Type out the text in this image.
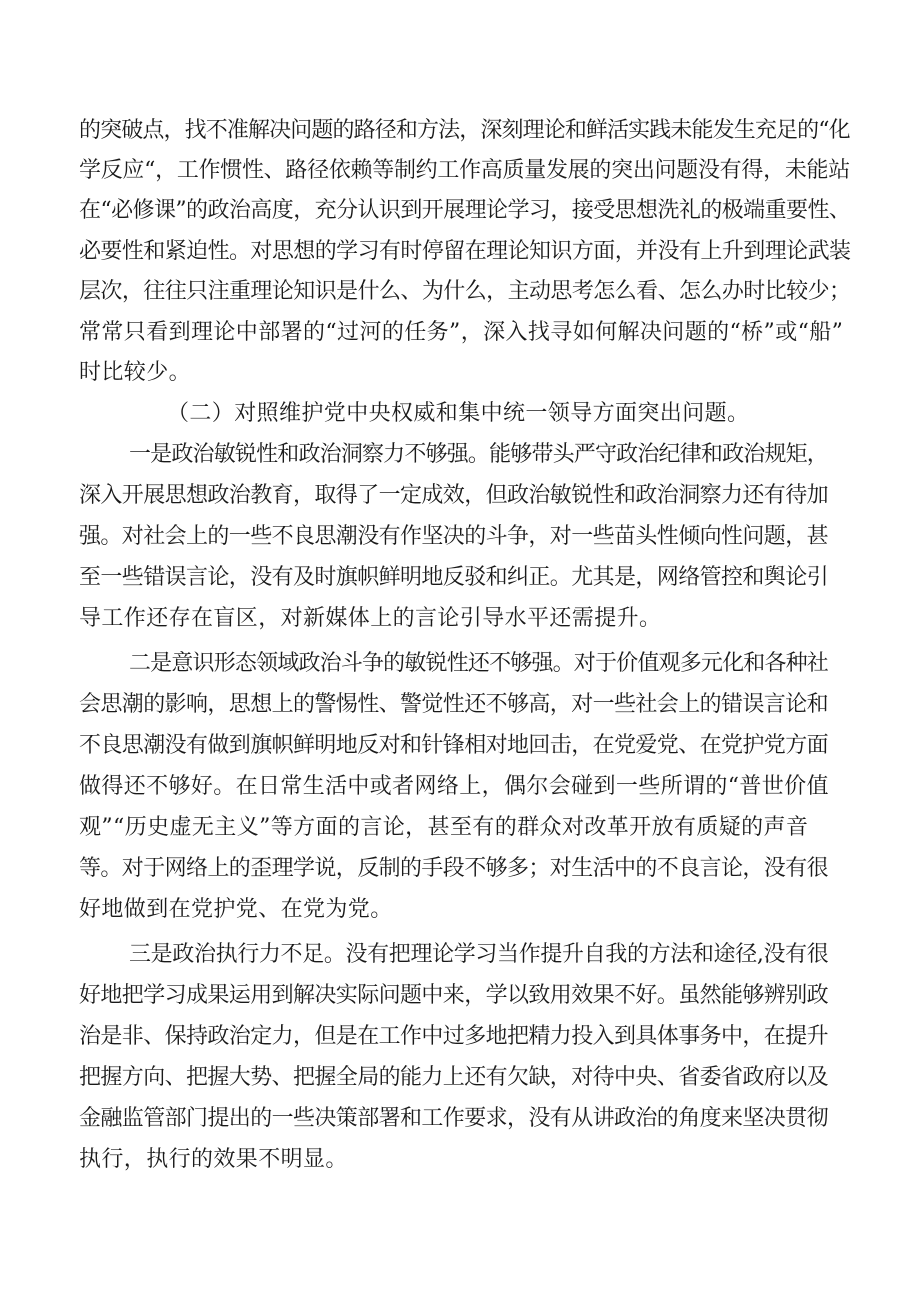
的突破点，找不准解决问题的路径和方法，深刻理论和鲜活实践未能发生充足的“化
学反应“，工作惯性、路径依赖等制约工作高质量发展的突出问题没有得，未能站
在“必修课”的政治高度，充分认识到开展理论学习，接受思想洗礼的极端重要性、
必要性和紧迫性。对思想的学习有时停留在理论知识方面，并没有上升到理论武装
层次，往往只注重理论知识是什么、为什么，主动思考怎么看、怎么办时比较少；
常常只看到理论中部署的“过河的任务”，深入找寻如何解决问题的“桥”或“船”
时比较少。
（二）对照维护党中央权威和集中统一领导方面突出问题。
一是政治敏锐性和政治洞察力不够强。能够带头严守政治纪律和政治规矩，
深入开展思想政治教育，取得了一定成效，但政治敏锐性和政治洞察力还有待加
强。对社会上的一些不良思潮没有作坚决的斗争，对一些苗头性倾向性问题，甚
至一些错误言论，没有及时旗帜鲜明地反驳和纠正。尤其是，网络管控和舆论引
导工作还存在盲区，对新媒体上的言论引导水平还需提升。
二是意识形态领域政治斗争的敏锐性还不够强。对于价值观多元化和各种社
会思潮的影响，思想上的警惕性、警觉性还不够高，对一些社会上的错误言论和
不良思潮没有做到旗帜鲜明地反对和针锋相对地回击，在党爱党、在党护党方面
做得还不够好。在日常生活中或者网络上，偶尔会碰到一些所谓的“普世价值
观”“历史虚无主义”等方面的言论，甚至有的群众对改革开放有质疑的声音
等。对于网络上的歪理学说，反制的手段不够多；对生活中的不良言论，没有很
好地做到在党护党、在党为党。
三是政治执行力不足。没有把理论学习当作提升自我的方法和途径,没有很
好地把学习成果运用到解决实际问题中来，学以致用效果不好。虽然能够辨别政
治是非、保持政治定力，但是在工作中过多地把精力投入到具体事务中，在提升
把握方向、把握大势、把握全局的能力上还有欠缺，对待中央、省委省政府以及
金融监管部门提出的一些决策部署和工作要求，没有从讲政治的角度来坚决贯彻
执行，执行的效果不明显。
